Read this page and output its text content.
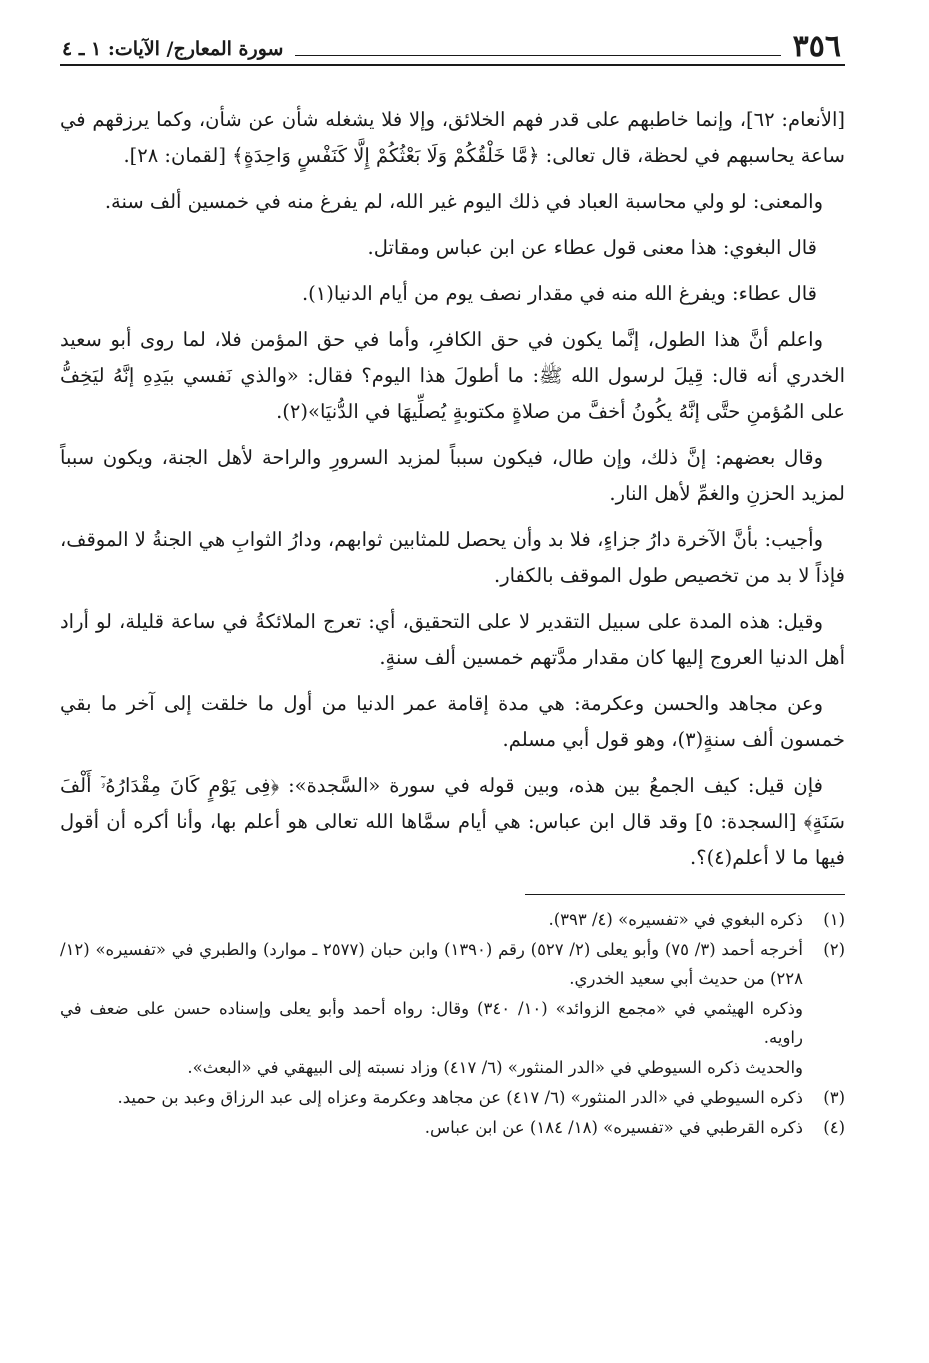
٣٥٦
سورة المعارج/ الآيات: ١ ـ ٤

[الأنعام: ٦٢]، وإنما خاطبهم على قدر فهم الخلائق، وإلا فلا يشغله شأن عن شأن، وكما يرزقهم في ساعة يحاسبهم في لحظة، قال تعالى: ﴿مَّا خَلْقُكُمْ وَلَا بَعْثُكُمْ إِلَّا كَنَفْسٍ وَاحِدَةٍ﴾ [لقمان: ٢٨].

والمعنى: لو ولي محاسبة العباد في ذلك اليوم غير الله، لم يفرغ منه في خمسين ألف سنة.

قال البغوي: هذا معنى قول عطاء عن ابن عباس ومقاتل.

قال عطاء: ويفرغ الله منه في مقدار نصف يوم من أيام الدنيا(١).

واعلم أنَّ هذا الطول، إنَّما يكون في حق الكافرِ، وأما في حق المؤمن فلا، لما روى أبو سعيد الخدري أنه قال: قِيلَ لرسول الله ﷺ: ما أطولَ هذا اليوم؟ فقال: «والذي نَفسي بيَدِهِ إنَّهُ ليَخِفُّ على المُؤمنِ حتَّى إنَّهُ يكُونُ أخفَّ من صلاةٍ مكتوبةٍ يُصلِّيهَا في الدُّنيَا»(٢).

وقال بعضهم: إنَّ ذلك، وإن طال، فيكون سبباً لمزيد السرورِ والراحة لأهل الجنة، ويكون سبباً لمزيد الحزنِ والغمِّ لأهل النار.

وأجيب: بأنَّ الآخرة دارُ جزاءٍ، فلا بد وأن يحصل للمثابين ثوابهم، ودارُ الثوابِ هي الجنةُ لا الموقف، فإذاً لا بد من تخصيص طول الموقف بالكفار.

وقيل: هذه المدة على سبيل التقدير لا على التحقيق، أي: تعرج الملائكةُ في ساعة قليلة، لو أراد أهل الدنيا العروج إليها كان مقدار مدَّتهم خمسين ألف سنةٍ.

وعن مجاهد والحسن وعكرمة: هي مدة إقامة عمر الدنيا من أول ما خلقت إلى آخر ما بقي خمسون ألف سنةٍ(٣)، وهو قول أبي مسلم.

فإن قيل: كيف الجمعُ بين هذه، وبين قوله في سورة «السَّجدة»: ﴿فِى يَوْمٍ كَانَ مِقْدَارُهُۥٓ أَلْفَ سَنَةٍ﴾ [السجدة: ٥] وقد قال ابن عباس: هي أيام سمَّاها الله تعالى هو أعلم بها، وأنا أكره أن أقول فيها ما لا أعلم(٤)؟.

(١)
ذكره البغوي في «تفسيره» (٤/ ٣٩٣).
(٢)
أخرجه أحمد (٣/ ٧٥) وأبو يعلى (٢/ ٥٢٧) رقم (١٣٩٠) وابن حبان (٢٥٧٧ ـ موارد) والطبري في «تفسيره» (١٢/ ٢٢٨) من حديث أبي سعيد الخدري.
وذكره الهيثمي في «مجمع الزوائد» (١٠/ ٣٤٠) وقال: رواه أحمد وأبو يعلى وإسناده حسن على ضعف في راويه.
والحديث ذكره السيوطي في «الدر المنثور» (٦/ ٤١٧) وزاد نسبته إلى البيهقي في «البعث».
(٣)
ذكره السيوطي في «الدر المنثور» (٦/ ٤١٧) عن مجاهد وعكرمة وعزاه إلى عبد الرزاق وعبد بن حميد.
(٤)
ذكره القرطبي في «تفسيره» (١٨/ ١٨٤) عن ابن عباس.
